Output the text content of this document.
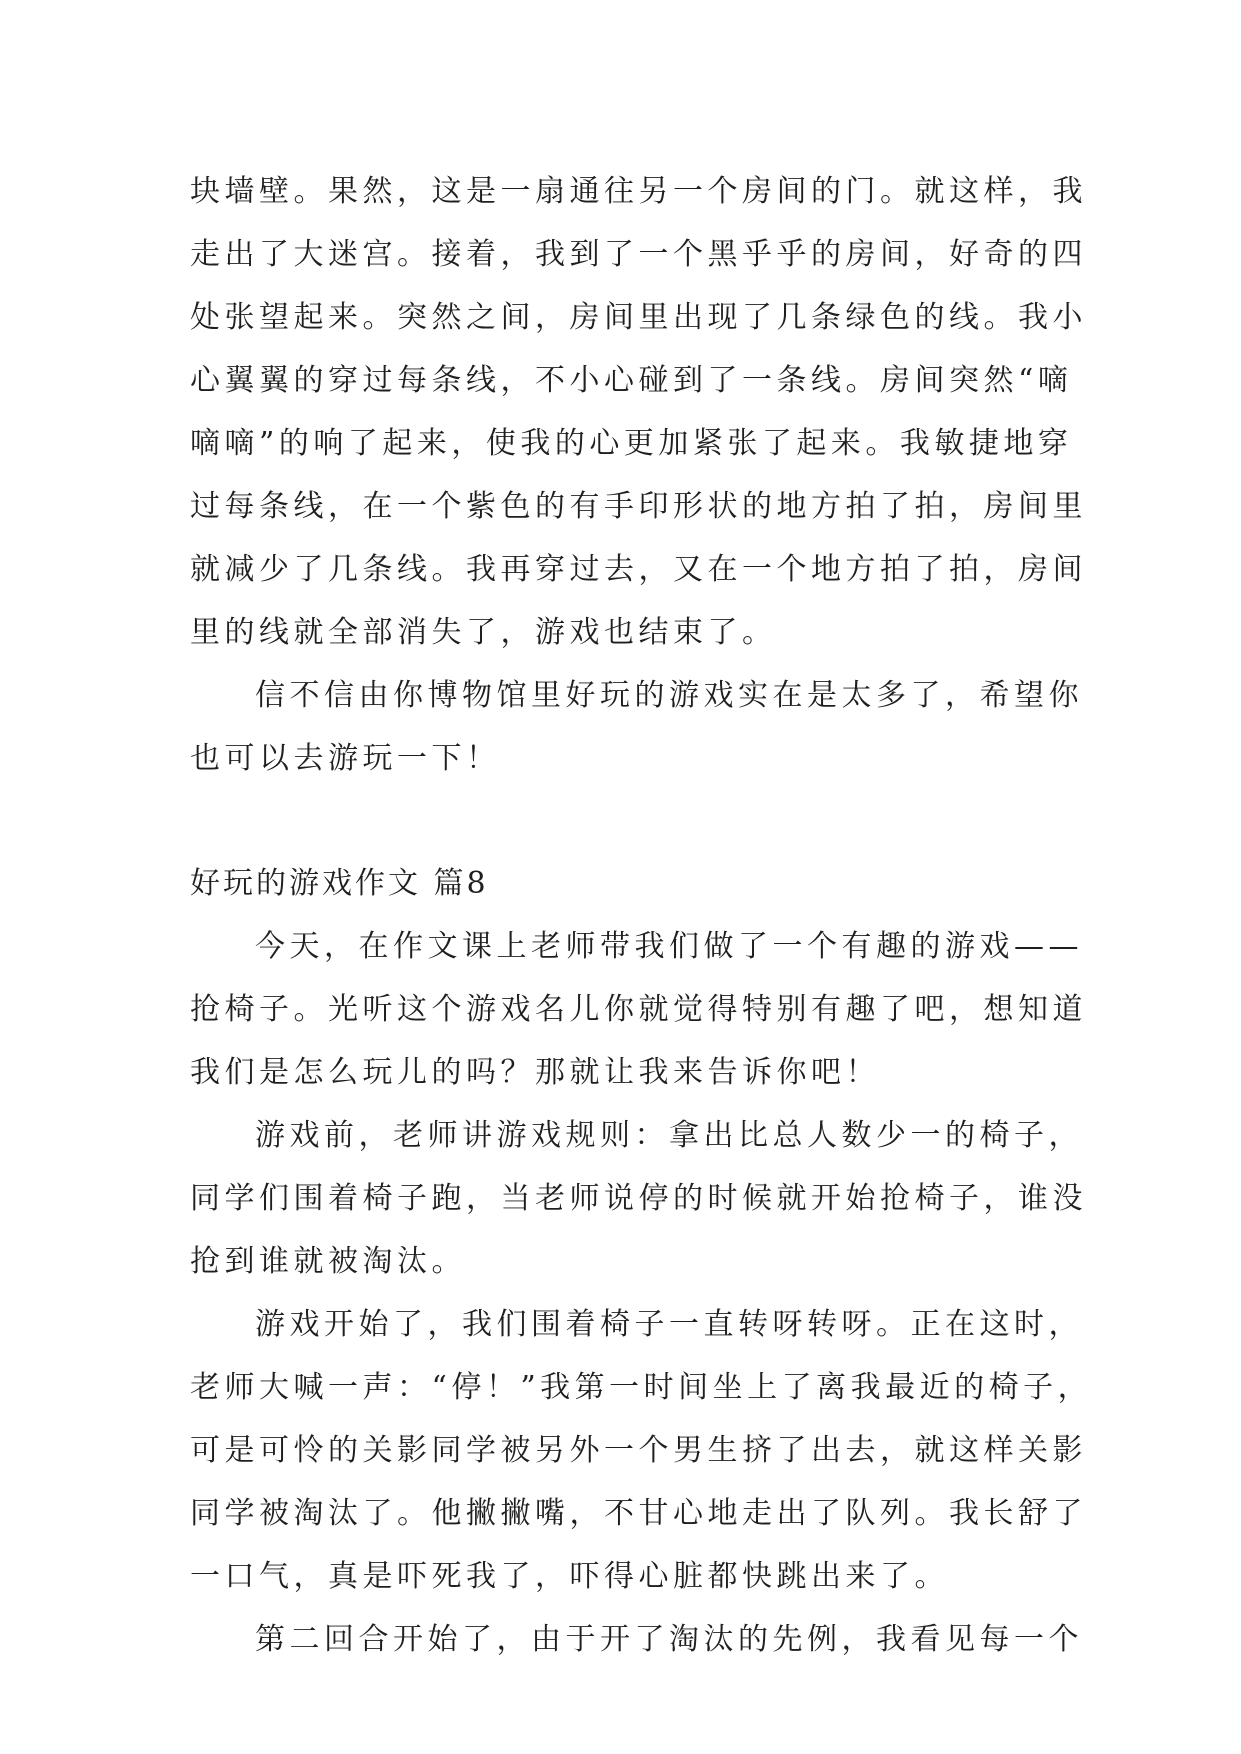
块墙壁。果然，这是一扇通往另一个房间的门。就这样，我
走出了大迷宫。接着，我到了一个黑乎乎的房间，好奇的四
处张望起来。突然之间，房间里出现了几条绿色的线。我小
心翼翼的穿过每条线，不小心碰到了一条线。房间突然“嘀
嘀嘀”的响了起来，使我的心更加紧张了起来。我敏捷地穿
过每条线，在一个紫色的有手印形状的地方拍了拍，房间里
就减少了几条线。我再穿过去，又在一个地方拍了拍，房间
里的线就全部消失了，游戏也结束了。
信不信由你博物馆里好玩的游戏实在是太多了，希望你
也可以去游玩一下！
好玩的游戏作文 篇8
今天，在作文课上老师带我们做了一个有趣的游戏——
抢椅子。光听这个游戏名儿你就觉得特别有趣了吧，想知道
我们是怎么玩儿的吗？那就让我来告诉你吧！
游戏前，老师讲游戏规则：拿出比总人数少一的椅子，
同学们围着椅子跑，当老师说停的时候就开始抢椅子，谁没
抢到谁就被淘汰。
游戏开始了，我们围着椅子一直转呀转呀。正在这时，
老师大喊一声：“停！”我第一时间坐上了离我最近的椅子，
可是可怜的关影同学被另外一个男生挤了出去，就这样关影
同学被淘汰了。他撇撇嘴，不甘心地走出了队列。我长舒了
一口气，真是吓死我了，吓得心脏都快跳出来了。
第二回合开始了，由于开了淘汰的先例，我看见每一个
